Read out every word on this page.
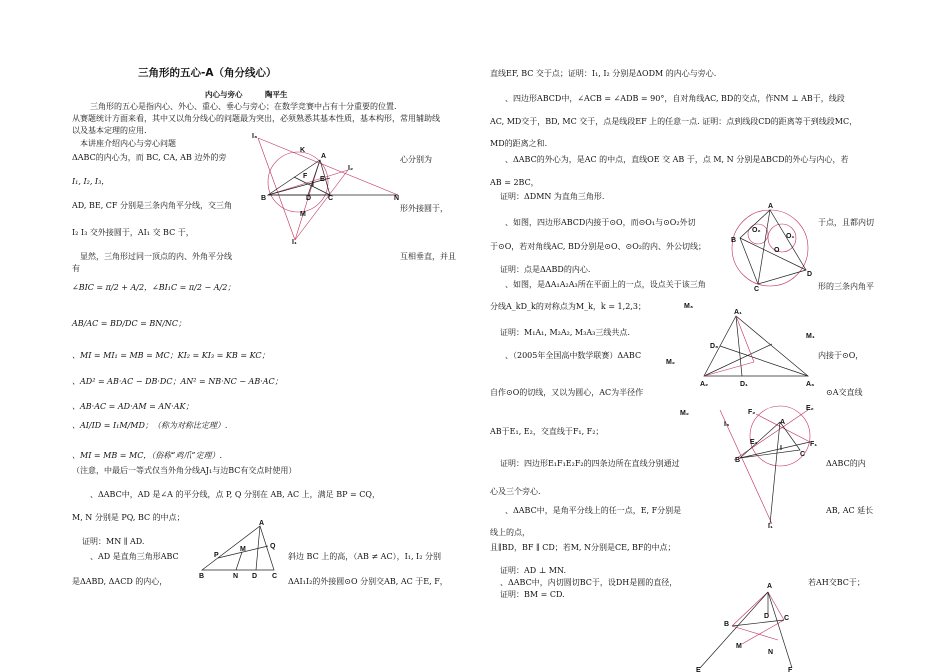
三角形的五心-A（角分线心）
内心与旁心	陶平生
三角形的五心是指内心、外心、重心、垂心与旁心；在数学竞赛中占有十分重要的位置.
从赛题统计方面来看，其中又以角分线心的问题最为突出，必须熟悉其基本性质，基本构形，常用辅助线
以及基本定理的应用.
本讲座介绍内心与旁心问题
ΔABC的内心为，而 BC, CA, AB 边外的旁	心分别为
I₁, I₂, I₃，
AD, BE, CF 分别是三条内角平分线，交三角	形外接圆于，
I₂ I₃ 交外接圆于，AI₁ 交 BC 于，
显然，三角形过同一顶点的内、外角平分线	互相垂直，并且
有
∠BIC = π/2 + A/2，∠BI₁C = π/2 − A/2；
AB/AC = BD/DC = BN/NC；
、MI = MI₁ = MB = MC；KI₂ = KI₃ = KB = KC；
、AD² = AB·AC − DB·DC；AN² = NB·NC − AB·AC；
、AB·AC = AD·AM = AN·AK；
、AI/ID = I₁M/MD；（称为对称比定理）.
、MI = MB = MC，（俗称“鸡爪”定理）.
（注意，中最后一等式仅当外角分线AJ₁与边BC有交点时使用）
、ΔABC中，AD 是∠A 的平分线，点 P, Q 分别在 AB, AC 上，满足 BP = CQ，
M, N 分别是 PQ, BC 的中点；
证明：MN ∥ AD.
、AD 是直角三角形ABC	斜边 BC 上的高，（AB ≠ AC），I₁, I₂ 分别
是ΔABD, ΔACD 的内心，	ΔAI₁I₂的外接圆⊙O 分别交AB, AC 于E, F，
I₃
K
A
I₂
F E
I
B	D C	N
M
I₁
A
P
M	Q
B	N D C
直线EF, BC 交于点；证明：I₁, I₂ 分别是ΔODM 的内心与旁心.
、四边形ABCD中，∠ACB = ∠ADB = 90°，自对角线AC, BD的交点，作NM ⊥ AB于，线段
AC, MD交于，BD, MC 交于，点是线段EF 上的任意一点. 证明：点到线段CD的距离等于到线段MC，
MD的距离之和.
、ΔABC的外心为，是AC 的中点，直线OE 交 AB 于，点 M, N 分别是ΔBCD的外心与内心，若
AB = 2BC，
证明：ΔDMN 为直角三角形.
、如图，四边形ABCD内接于⊙O，而⊙O₁与⊙O₂外切	于点，且都内切
于⊙O，若对角线AC, BD分别是⊙O、⊙O₂的内、外公切线；
证明：点是ΔABD的内心.
、如图，是ΔA₁A₂A₃所在平面上的一点，设点关于该三角	形的三条内角平
分线A_kD_k的对称点为M_k，k = 1,2,3；
证明：M₁A₁, M₂A₂, M₃A₃三线共点.
、（2005年全国高中数学联赛）ΔABC	内接于⊙O，
自作⊙O的切线，又以为圆心，AC为半径作	⊙A交直线
AB于E₁, E₂，交直线于F₁, F₂；
证明：四边形E₁F₁E₂F₂的四条边所在直线分别通过	ΔABC的内
心及三个旁心.
、ΔABC中，是角平分线上的任一点，E, F分别是	AB, AC 延长
线上的点，
且∥BD，BF ∥ CD；若M, N分别是CE, BF的中点；
证明：AD ⊥ MN.
、ΔABC中，内切圆切BC于，设DH是圆的直径，	若AH交BC于；
证明：BM = CD.
A
O₂
O₁
B
O
C
D
M₃
A₁
D₃
M₁
M₂
A₂	D₁	A₃
M₂	F₂
E₂
I₃	A
F₁
E₁
I
B
C
I₁
A
B
D C
M
N
E	F
